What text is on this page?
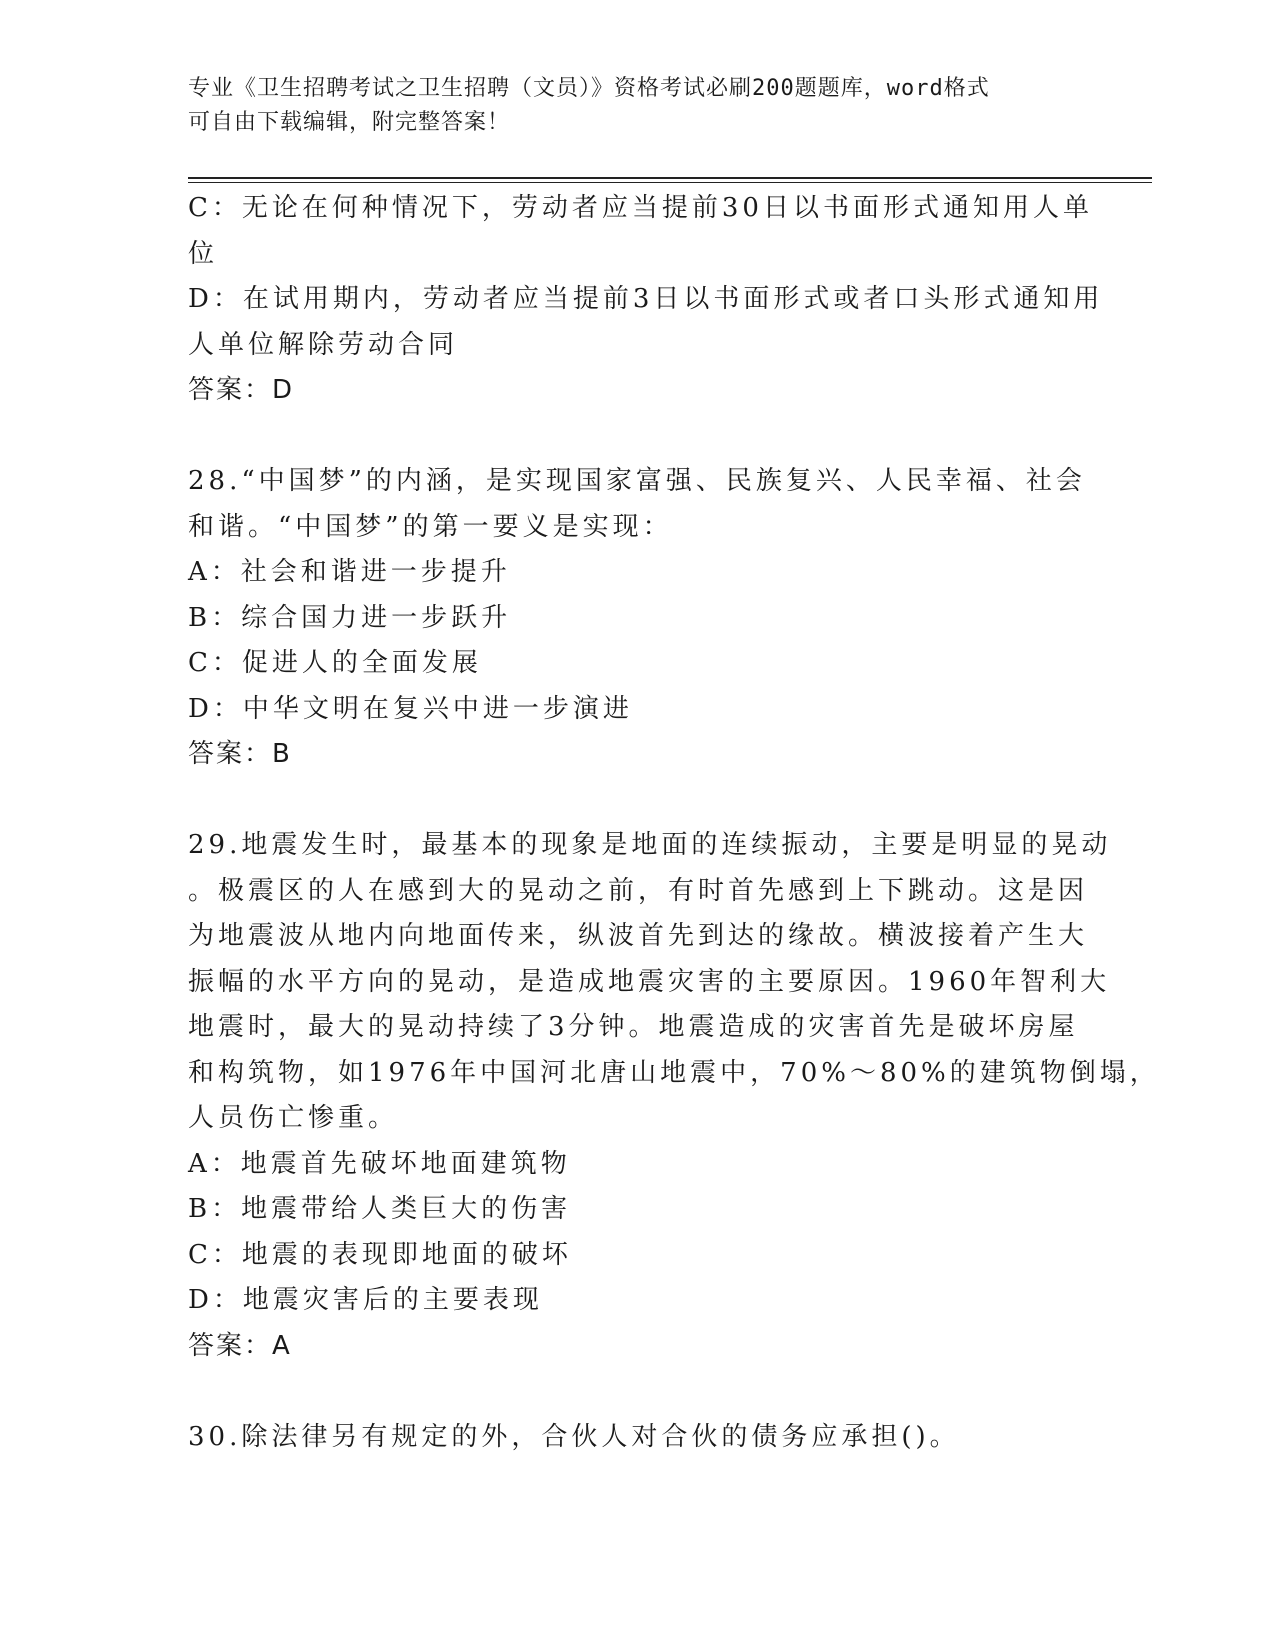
专业《卫生招聘考试之卫生招聘（文员）》资格考试必刷200题题库，word格式
可自由下载编辑，附完整答案！
C：无论在何种情况下，劳动者应当提前30日以书面形式通知用人单
位
D：在试用期内，劳动者应当提前3日以书面形式或者口头形式通知用
人单位解除劳动合同
答案：D
28.“中国梦”的内涵，是实现国家富强、民族复兴、人民幸福、社会
和谐。“中国梦”的第一要义是实现：
A：社会和谐进一步提升
B：综合国力进一步跃升
C：促进人的全面发展
D：中华文明在复兴中进一步演进
答案：B
29.地震发生时，最基本的现象是地面的连续振动，主要是明显的晃动
。极震区的人在感到大的晃动之前，有时首先感到上下跳动。这是因
为地震波从地内向地面传来，纵波首先到达的缘故。横波接着产生大
振幅的水平方向的晃动，是造成地震灾害的主要原因。1960年智利大
地震时，最大的晃动持续了3分钟。地震造成的灾害首先是破坏房屋
和构筑物，如1976年中国河北唐山地震中，70%～80%的建筑物倒塌，
人员伤亡惨重。
A：地震首先破坏地面建筑物
B：地震带给人类巨大的伤害
C：地震的表现即地面的破坏
D：地震灾害后的主要表现
答案：A
30.除法律另有规定的外，合伙人对合伙的债务应承担()。
